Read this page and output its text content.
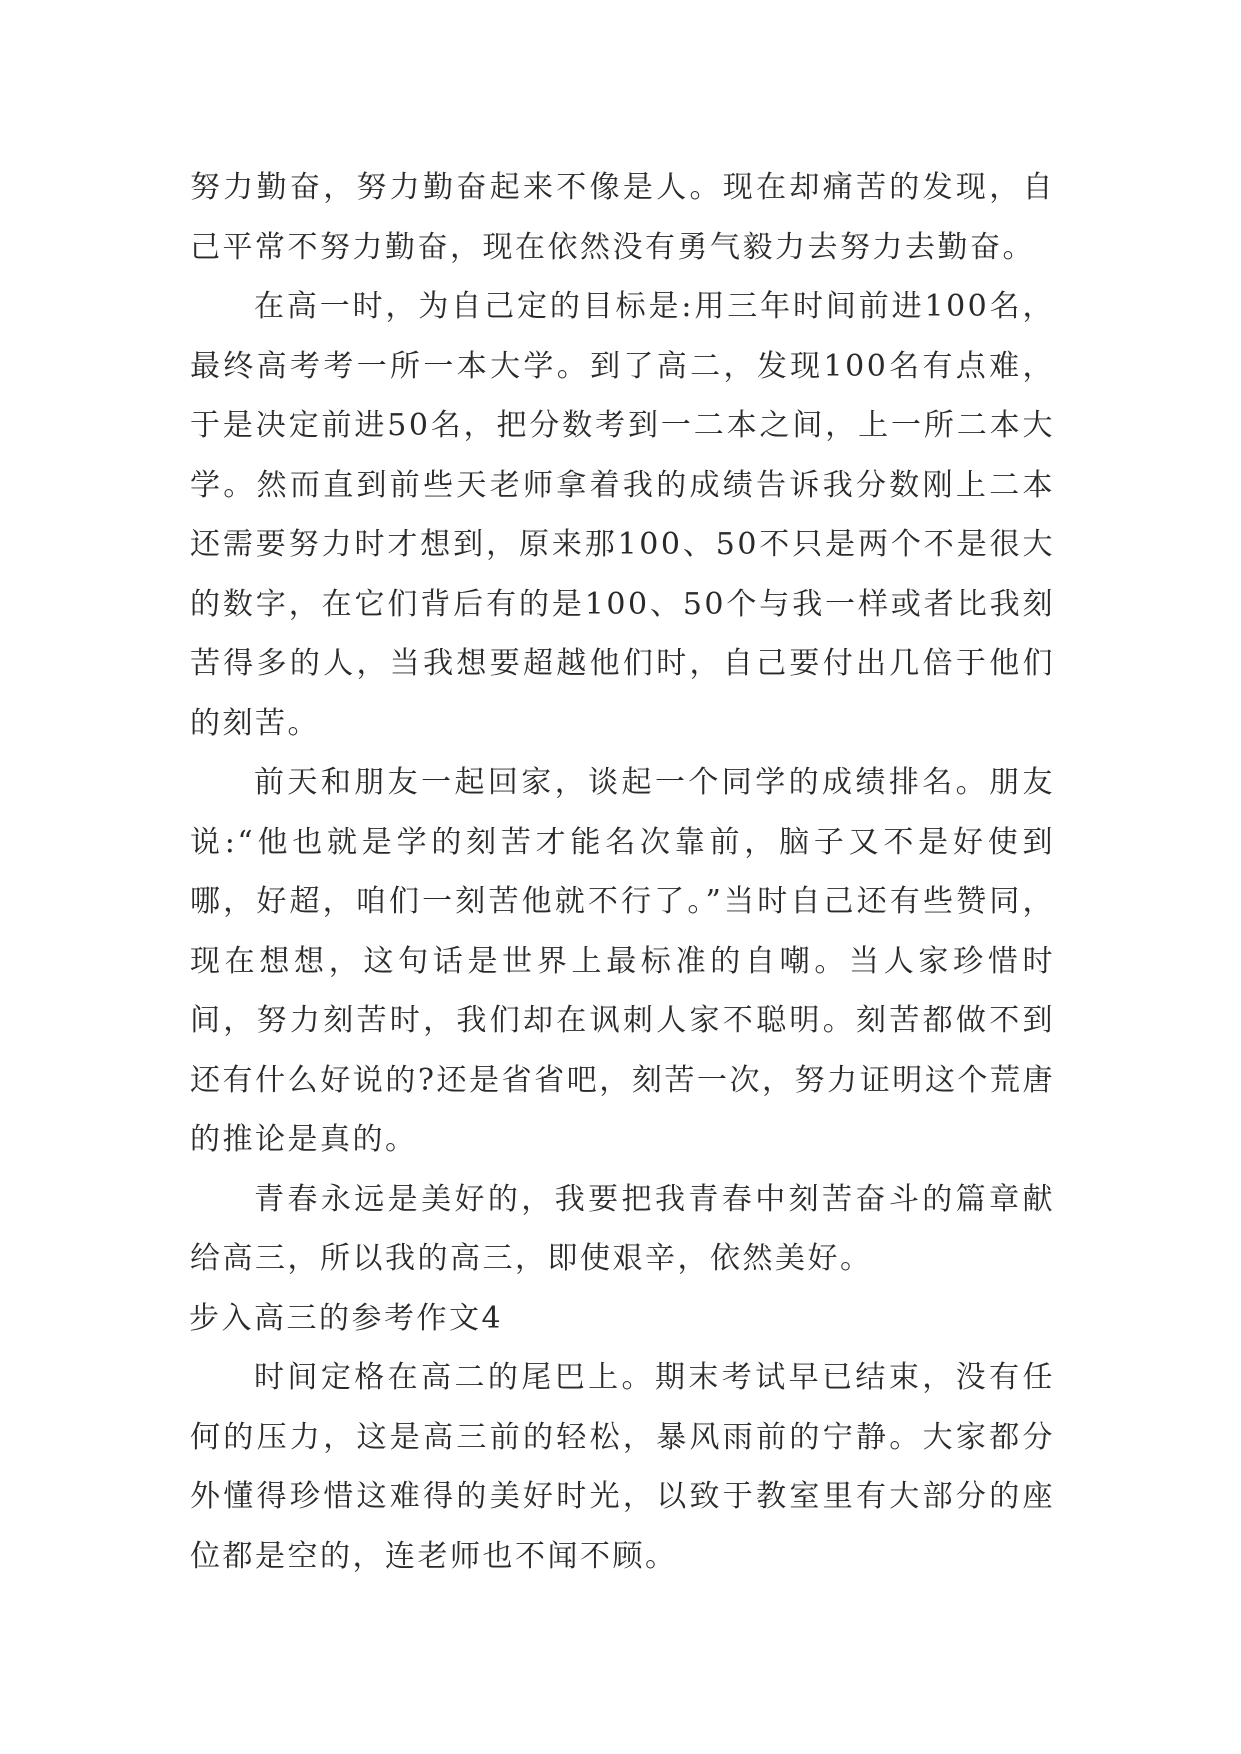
努力勤奋，努力勤奋起来不像是人。现在却痛苦的发现，自己平常不努力勤奋，现在依然没有勇气毅力去努力去勤奋。

在高一时，为自己定的目标是:用三年时间前进100名，最终高考考一所一本大学。到了高二，发现100名有点难，于是决定前进50名，把分数考到一二本之间，上一所二本大学。然而直到前些天老师拿着我的成绩告诉我分数刚上二本还需要努力时才想到，原来那100、50不只是两个不是很大的数字，在它们背后有的是100、50个与我一样或者比我刻苦得多的人，当我想要超越他们时，自己要付出几倍于他们的刻苦。

前天和朋友一起回家，谈起一个同学的成绩排名。朋友说:“他也就是学的刻苦才能名次靠前，脑子又不是好使到哪，好超，咱们一刻苦他就不行了。”当时自己还有些赞同，现在想想，这句话是世界上最标准的自嘲。当人家珍惜时间，努力刻苦时，我们却在讽刺人家不聪明。刻苦都做不到还有什么好说的?还是省省吧，刻苦一次，努力证明这个荒唐的推论是真的。

青春永远是美好的，我要把我青春中刻苦奋斗的篇章献给高三，所以我的高三，即使艰辛，依然美好。

步入高三的参考作文4

时间定格在高二的尾巴上。期末考试早已结束，没有任何的压力，这是高三前的轻松，暴风雨前的宁静。大家都分外懂得珍惜这难得的美好时光，以致于教室里有大部分的座位都是空的，连老师也不闻不顾。
